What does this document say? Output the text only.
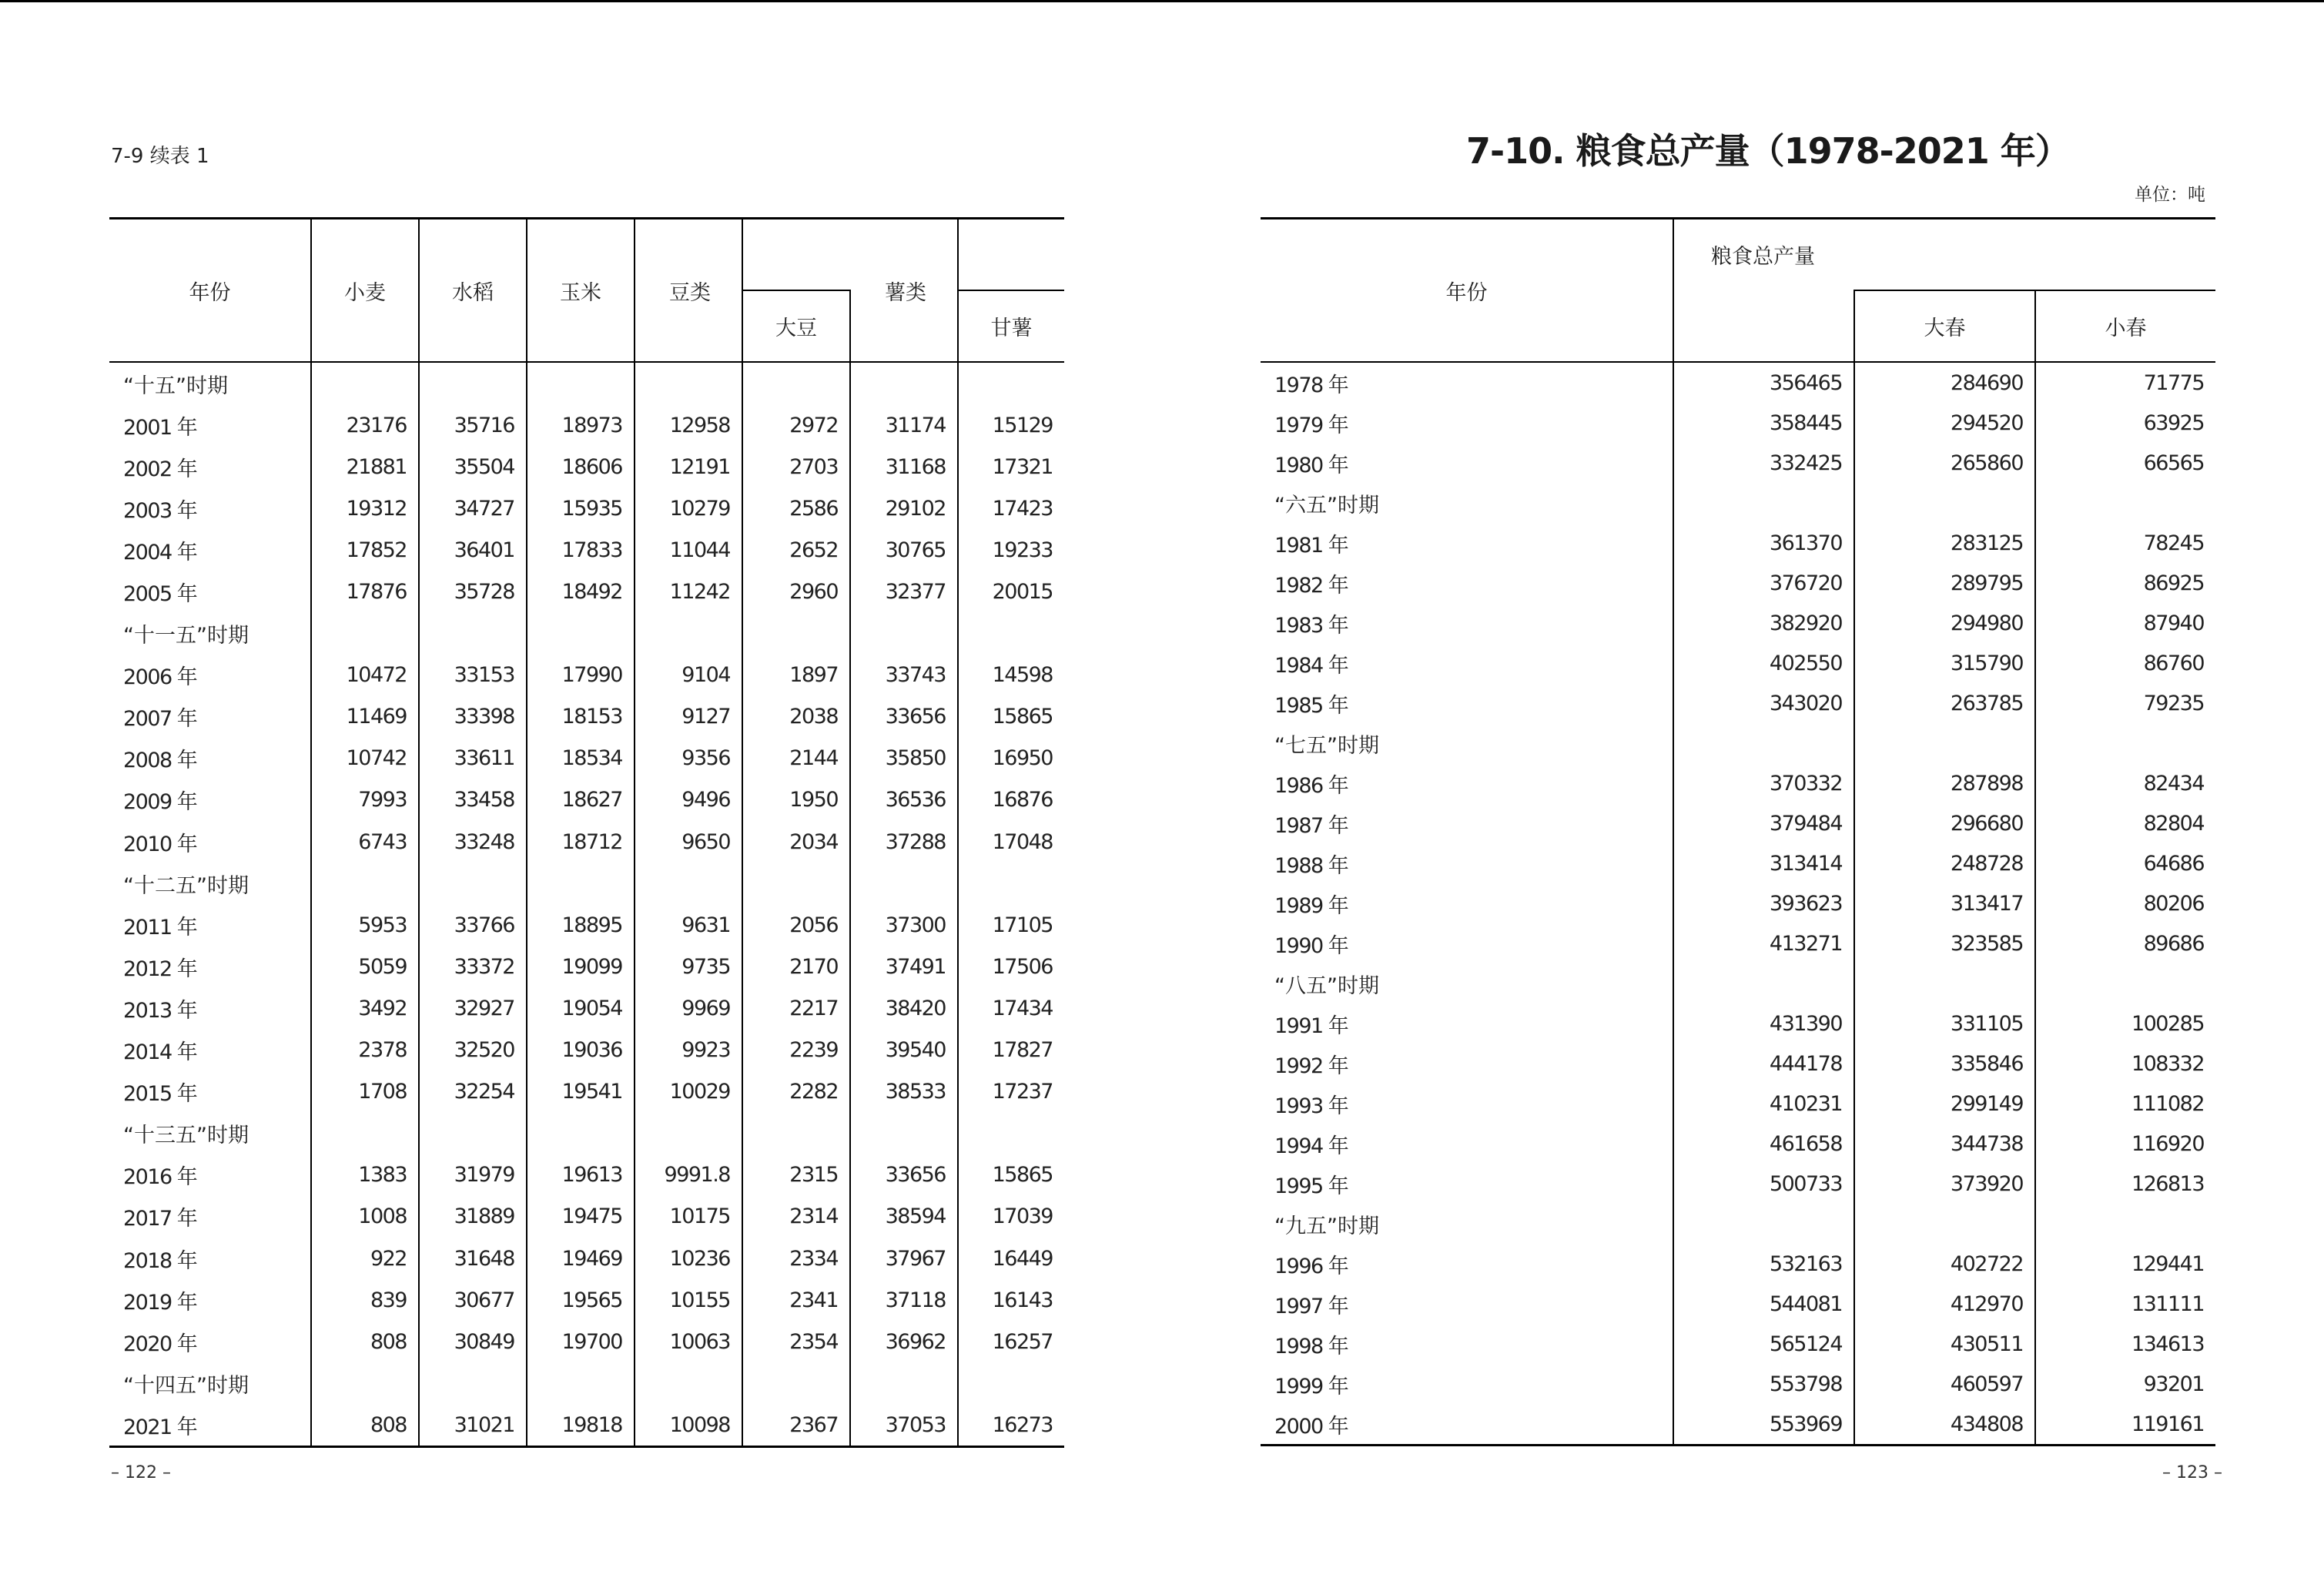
7-9 续表 1
年份	小麦	水稻	玉米	豆类		薯类	
					大豆		甘薯
“十五”时期							
2001 年	23176	35716	18973	12958	2972	31174	15129
2002 年	21881	35504	18606	12191	2703	31168	17321
2003 年	19312	34727	15935	10279	2586	29102	17423
2004 年	17852	36401	17833	11044	2652	30765	19233
2005 年	17876	35728	18492	11242	2960	32377	20015
“十一五”时期							
2006 年	10472	33153	17990	9104	1897	33743	14598
2007 年	11469	33398	18153	9127	2038	33656	15865
2008 年	10742	33611	18534	9356	2144	35850	16950
2009 年	7993	33458	18627	9496	1950	36536	16876
2010 年	6743	33248	18712	9650	2034	37288	17048
“十二五”时期							
2011 年	5953	33766	18895	9631	2056	37300	17105
2012 年	5059	33372	19099	9735	2170	37491	17506
2013 年	3492	32927	19054	9969	2217	38420	17434
2014 年	2378	32520	19036	9923	2239	39540	17827
2015 年	1708	32254	19541	10029	2282	38533	17237
“十三五”时期							
2016 年	1383	31979	19613	9991.8	2315	33656	15865
2017 年	1008	31889	19475	10175	2314	38594	17039
2018 年	922	31648	19469	10236	2334	37967	16449
2019 年	839	30677	19565	10155	2341	37118	16143
2020 年	808	30849	19700	10063	2354	36962	16257
“十四五”时期							
2021 年	808	31021	19818	10098	2367	37053	16273
– 122 –
7-10. 粮食总产量（1978-2021 年）
单位：吨
年份	粮食总产量		
		大春	小春
1978 年	356465	284690	71775
1979 年	358445	294520	63925
1980 年	332425	265860	66565
“六五”时期			
1981 年	361370	283125	78245
1982 年	376720	289795	86925
1983 年	382920	294980	87940
1984 年	402550	315790	86760
1985 年	343020	263785	79235
“七五”时期			
1986 年	370332	287898	82434
1987 年	379484	296680	82804
1988 年	313414	248728	64686
1989 年	393623	313417	80206
1990 年	413271	323585	89686
“八五”时期			
1991 年	431390	331105	100285
1992 年	444178	335846	108332
1993 年	410231	299149	111082
1994 年	461658	344738	116920
1995 年	500733	373920	126813
“九五”时期			
1996 年	532163	402722	129441
1997 年	544081	412970	131111
1998 年	565124	430511	134613
1999 年	553798	460597	93201
2000 年	553969	434808	119161
– 123 –
